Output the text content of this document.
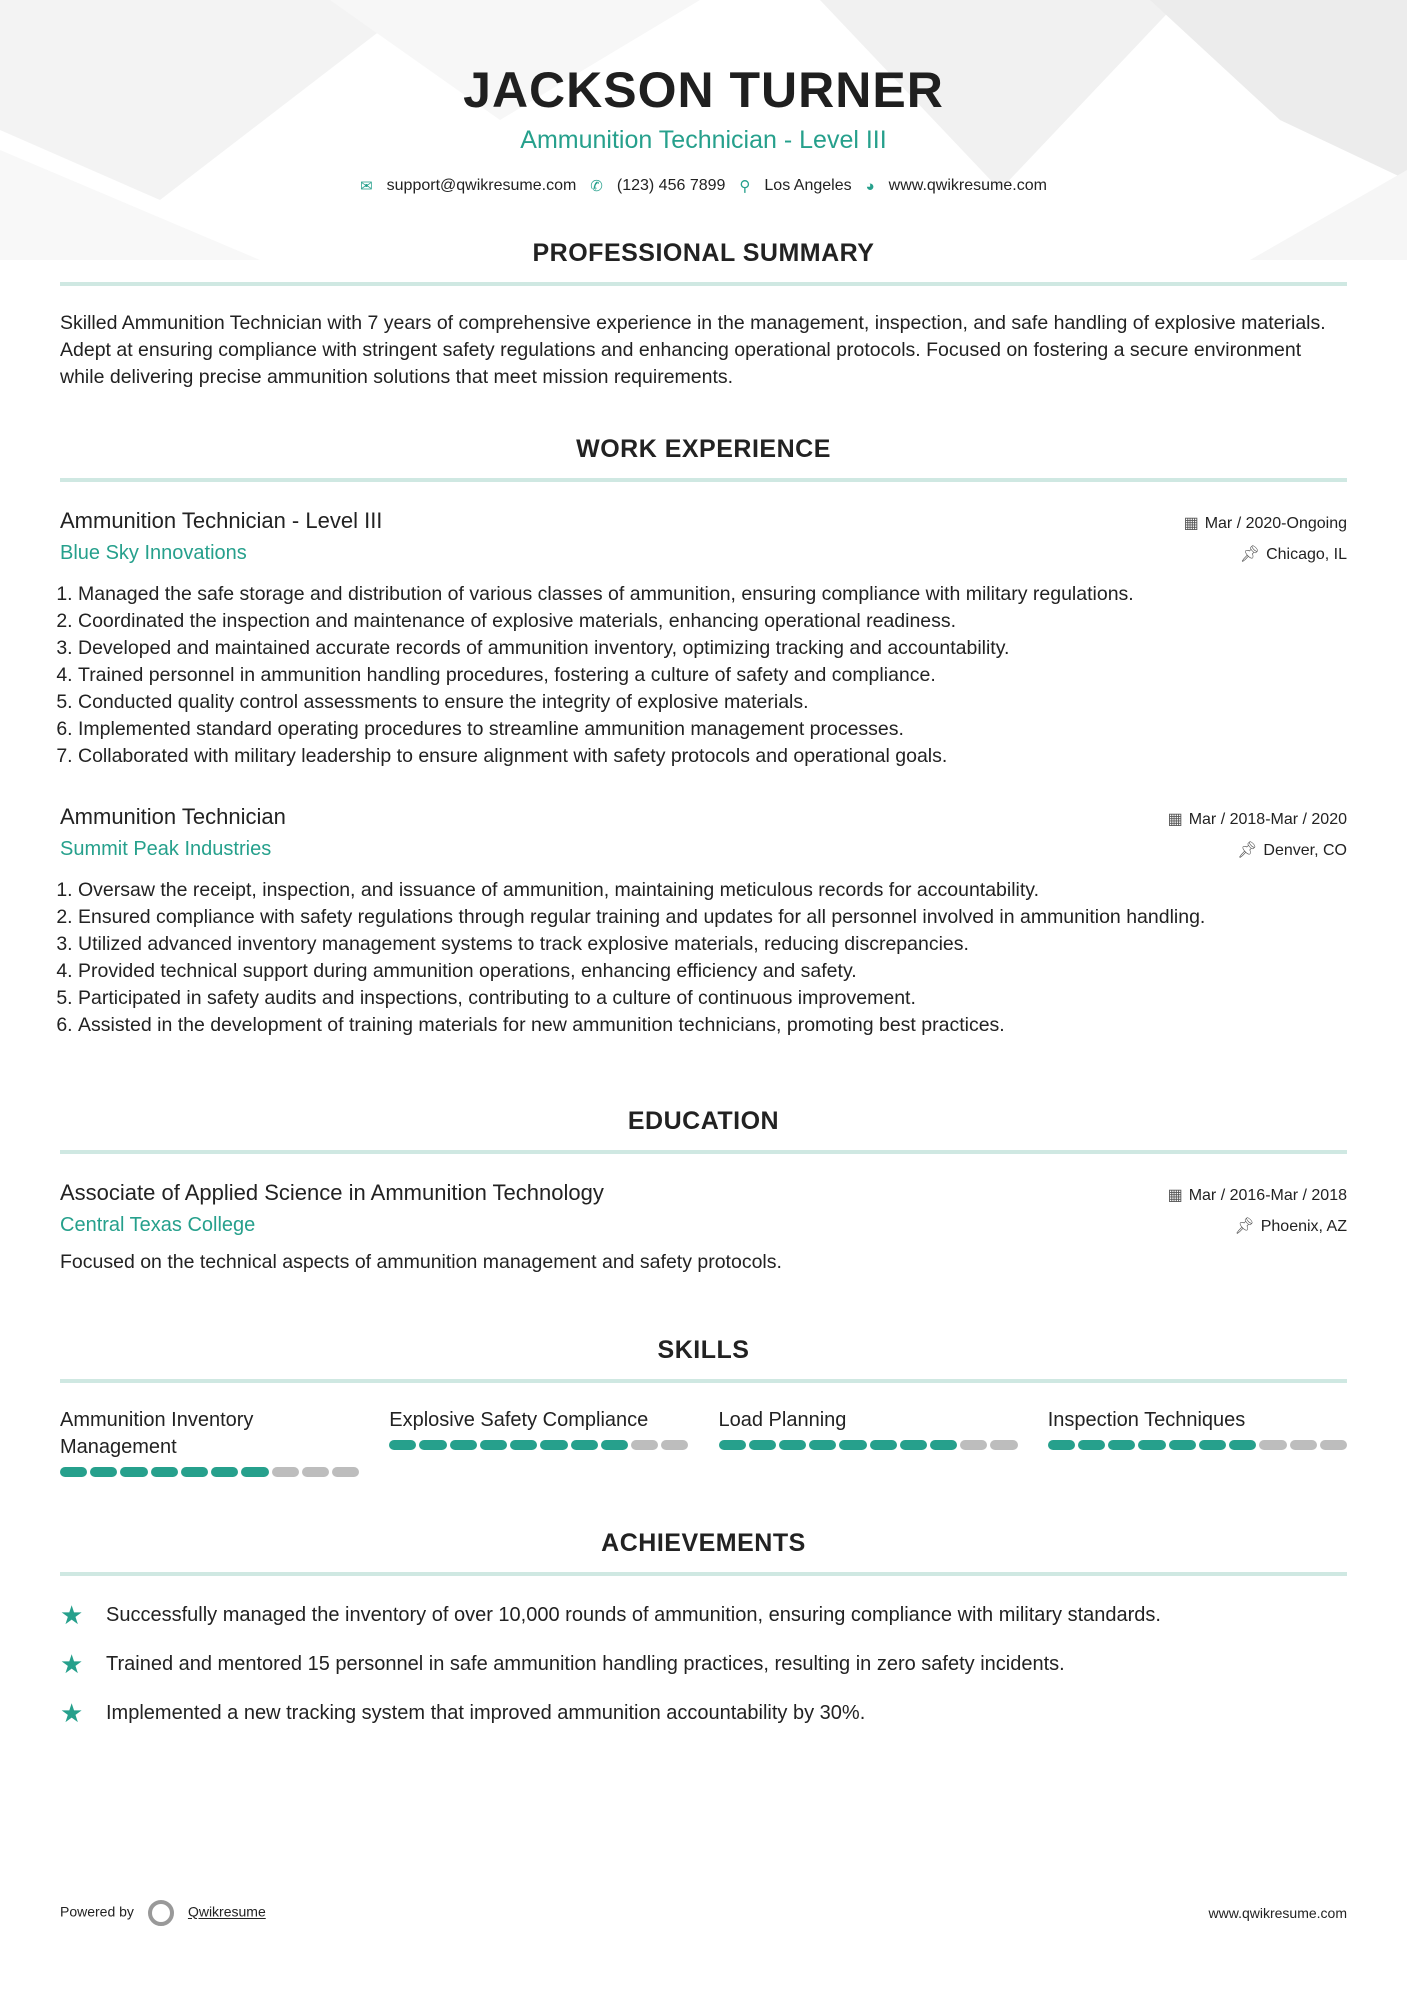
JACKSON TURNER
Ammunition Technician - Level III
✉ support@qwikresume.com ✆ (123) 456 7899 ⚲ Los Angeles ◕ www.qwikresume.com
PROFESSIONAL SUMMARY

Skilled Ammunition Technician with 7 years of comprehensive experience in the management, inspection, and safe handling of explosive materials. Adept at ensuring compliance with stringent safety regulations and enhancing operational protocols. Focused on fostering a secure environment while delivering precise ammunition solutions that meet mission requirements.

WORK EXPERIENCE
Ammunition Technician - Level III	▦ Mar / 2020-Ongoing
Blue Sky Innovations	📌︎ Chicago, IL
1. Managed the safe storage and distribution of various classes of ammunition, ensuring compliance with military regulations.
2. Coordinated the inspection and maintenance of explosive materials, enhancing operational readiness.
3. Developed and maintained accurate records of ammunition inventory, optimizing tracking and accountability.
4. Trained personnel in ammunition handling procedures, fostering a culture of safety and compliance.
5. Conducted quality control assessments to ensure the integrity of explosive materials.
6. Implemented standard operating procedures to streamline ammunition management processes.
7. Collaborated with military leadership to ensure alignment with safety protocols and operational goals.
Ammunition Technician	▦ Mar / 2018-Mar / 2020
Summit Peak Industries	📌︎ Denver, CO
1. Oversaw the receipt, inspection, and issuance of ammunition, maintaining meticulous records for accountability.
2. Ensured compliance with safety regulations through regular training and updates for all personnel involved in ammunition handling.
3. Utilized advanced inventory management systems to track explosive materials, reducing discrepancies.
4. Provided technical support during ammunition operations, enhancing efficiency and safety.
5. Participated in safety audits and inspections, contributing to a culture of continuous improvement.
6. Assisted in the development of training materials for new ammunition technicians, promoting best practices.
EDUCATION
Associate of Applied Science in Ammunition Technology	▦ Mar / 2016-Mar / 2018
Central Texas College	📌︎ Phoenix, AZ

Focused on the technical aspects of ammunition management and safety protocols.

SKILLS
Ammunition Inventory Management
Explosive Safety Compliance	Load Planning	Inspection Techniques
ACHIEVEMENTS
★	Successfully managed the inventory of over 10,000 rounds of ammunition, ensuring compliance with military standards.
★	Trained and mentored 15 personnel in safe ammunition handling practices, resulting in zero safety incidents.
★	Implemented a new tracking system that improved ammunition accountability by 30%.
Powered by	Qwikresume	www.qwikresume.com
